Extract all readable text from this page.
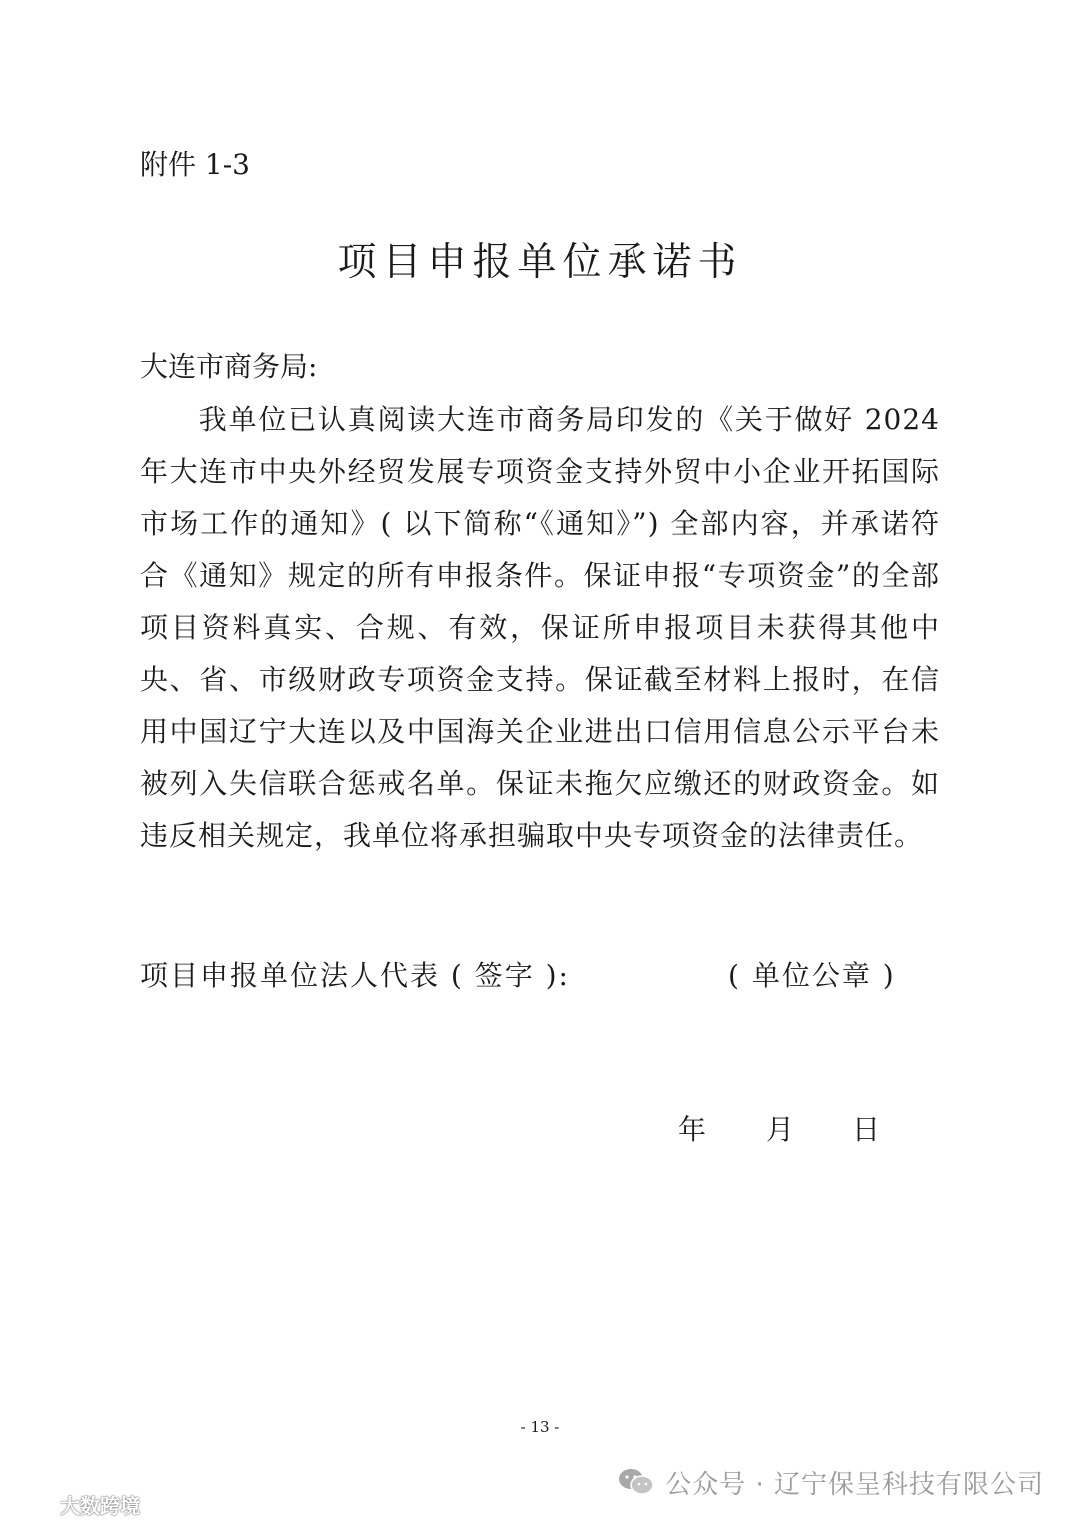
附件 1-3
项目申报单位承诺书
大连市商务局:
我单位已认真阅读大连市商务局印发的《关于做好 2024 年大连市中央外经贸发展专项资金支持外贸中小企业开拓国际市场工作的通知》( 以下简称“《通知》”) 全部内容，并承诺符合《通知》规定的所有申报条件。保证申报“专项资金”的全部项目资料真实、合规、有效，保证所申报项目未获得其他中央、省、市级财政专项资金支持。保证截至材料上报时，在信用中国辽宁大连以及中国海关企业进出口信用信息公示平台未被列入失信联合惩戒名单。保证未拖欠应缴还的财政资金。如违反相关规定，我单位将承担骗取中央专项资金的法律责任。
项目申报单位法人代表 ( 签字 ):	( 单位公章 )
年 月 日
- 13 -
公众号 · 辽宁保呈科技有限公司
大数跨境
